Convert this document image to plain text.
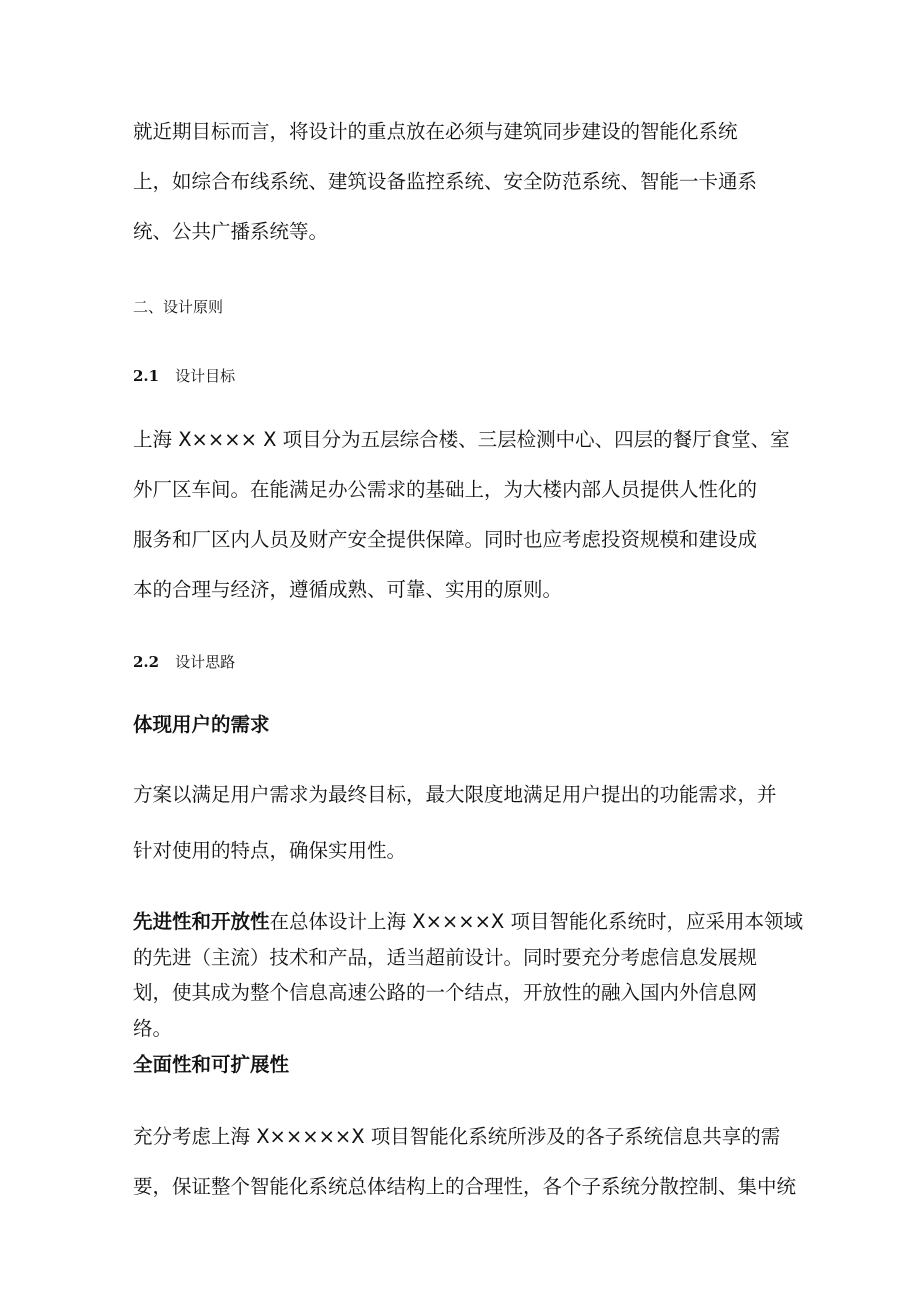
就近期目标而言，将设计的重点放在必须与建筑同步建设的智能化系统
上，如综合布线系统、建筑设备监控系统、安全防范系统、智能一卡通系
统、公共广播系统等。

二、设计原则
2.1 设计目标

上海 X×××× X 项目分为五层综合楼、三层检测中心、四层的餐厅食堂、室
外厂区车间。在能满足办公需求的基础上，为大楼内部人员提供人性化的
服务和厂区内人员及财产安全提供保障。同时也应考虑投资规模和建设成
本的合理与经济，遵循成熟、可靠、实用的原则。

2.2 设计思路
体现用户的需求

方案以满足用户需求为最终目标，最大限度地满足用户提出的功能需求，并
针对使用的特点，确保实用性。

先进性和开放性在总体设计上海 X××××X 项目智能化系统时，应采用本领域
的先进（主流）技术和产品，适当超前设计。同时要充分考虑信息发展规
划，使其成为整个信息高速公路的一个结点，开放性的融入国内外信息网
络。

全面性和可扩展性

充分考虑上海 X×××××X 项目智能化系统所涉及的各子系统信息共享的需
要，保证整个智能化系统总体结构上的合理性，各个子系统分散控制、集中统
